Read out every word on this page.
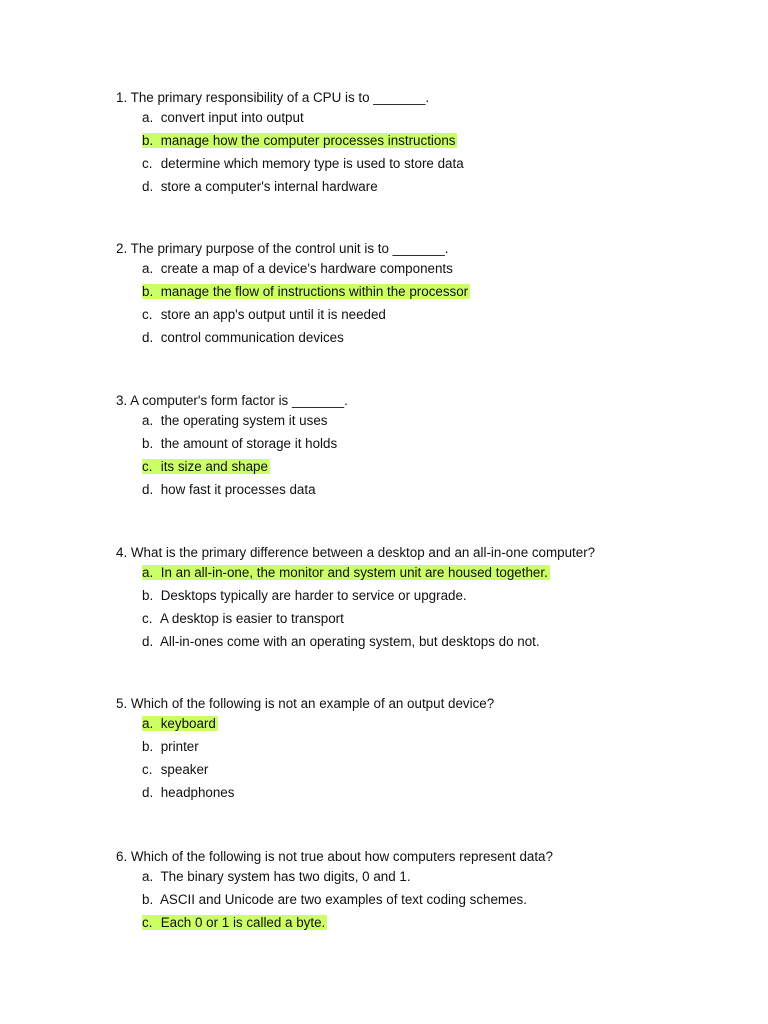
1. The primary responsibility of a CPU is to _______.
a. convert input into output
b. manage how the computer processes instructions
c. determine which memory type is used to store data
d. store a computer's internal hardware
2. The primary purpose of the control unit is to _______.
a. create a map of a device's hardware components
b. manage the flow of instructions within the processor
c. store an app's output until it is needed
d. control communication devices
3. A computer's form factor is _______.
a. the operating system it uses
b. the amount of storage it holds
c. its size and shape
d. how fast it processes data
4. What is the primary difference between a desktop and an all-in-one computer?
a. In an all-in-one, the monitor and system unit are housed together.
b. Desktops typically are harder to service or upgrade.
c. A desktop is easier to transport
d. All-in-ones come with an operating system, but desktops do not.
5. Which of the following is not an example of an output device?
a. keyboard
b. printer
c. speaker
d. headphones
6. Which of the following is not true about how computers represent data?
a. The binary system has two digits, 0 and 1.
b. ASCII and Unicode are two examples of text coding schemes.
c. Each 0 or 1 is called a byte.
